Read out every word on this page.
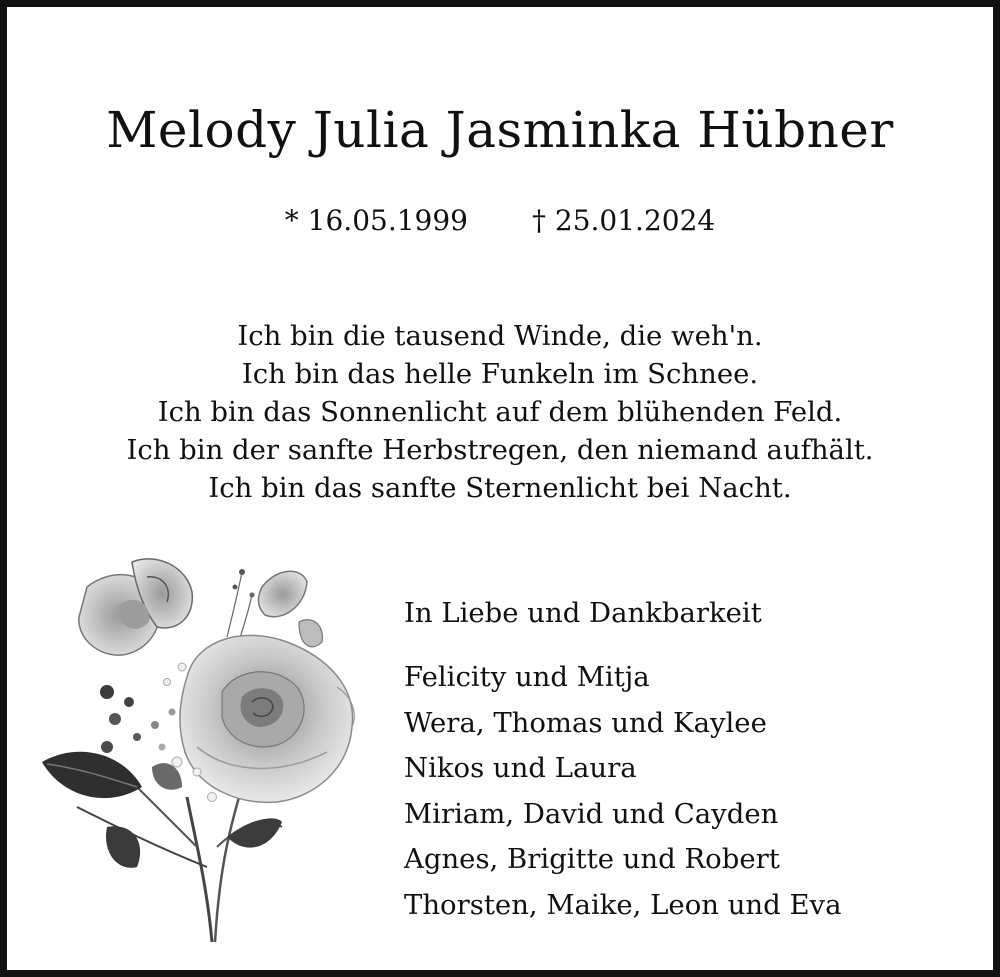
Melody Julia Jasminka Hübner
* 16.05.1999 † 25.01.2024
Ich bin die tausend Winde, die weh'n.
Ich bin das helle Funkeln im Schnee.
Ich bin das Sonnenlicht auf dem blühenden Feld.
Ich bin der sanfte Herbstregen, den niemand aufhält.
Ich bin das sanfte Sternenlicht bei Nacht.
In Liebe und Dankbarkeit
Felicity und Mitja
Wera, Thomas und Kaylee
Nikos und Laura
Miriam, David und Cayden
Agnes, Brigitte und Robert
Thorsten, Maike, Leon und Eva
